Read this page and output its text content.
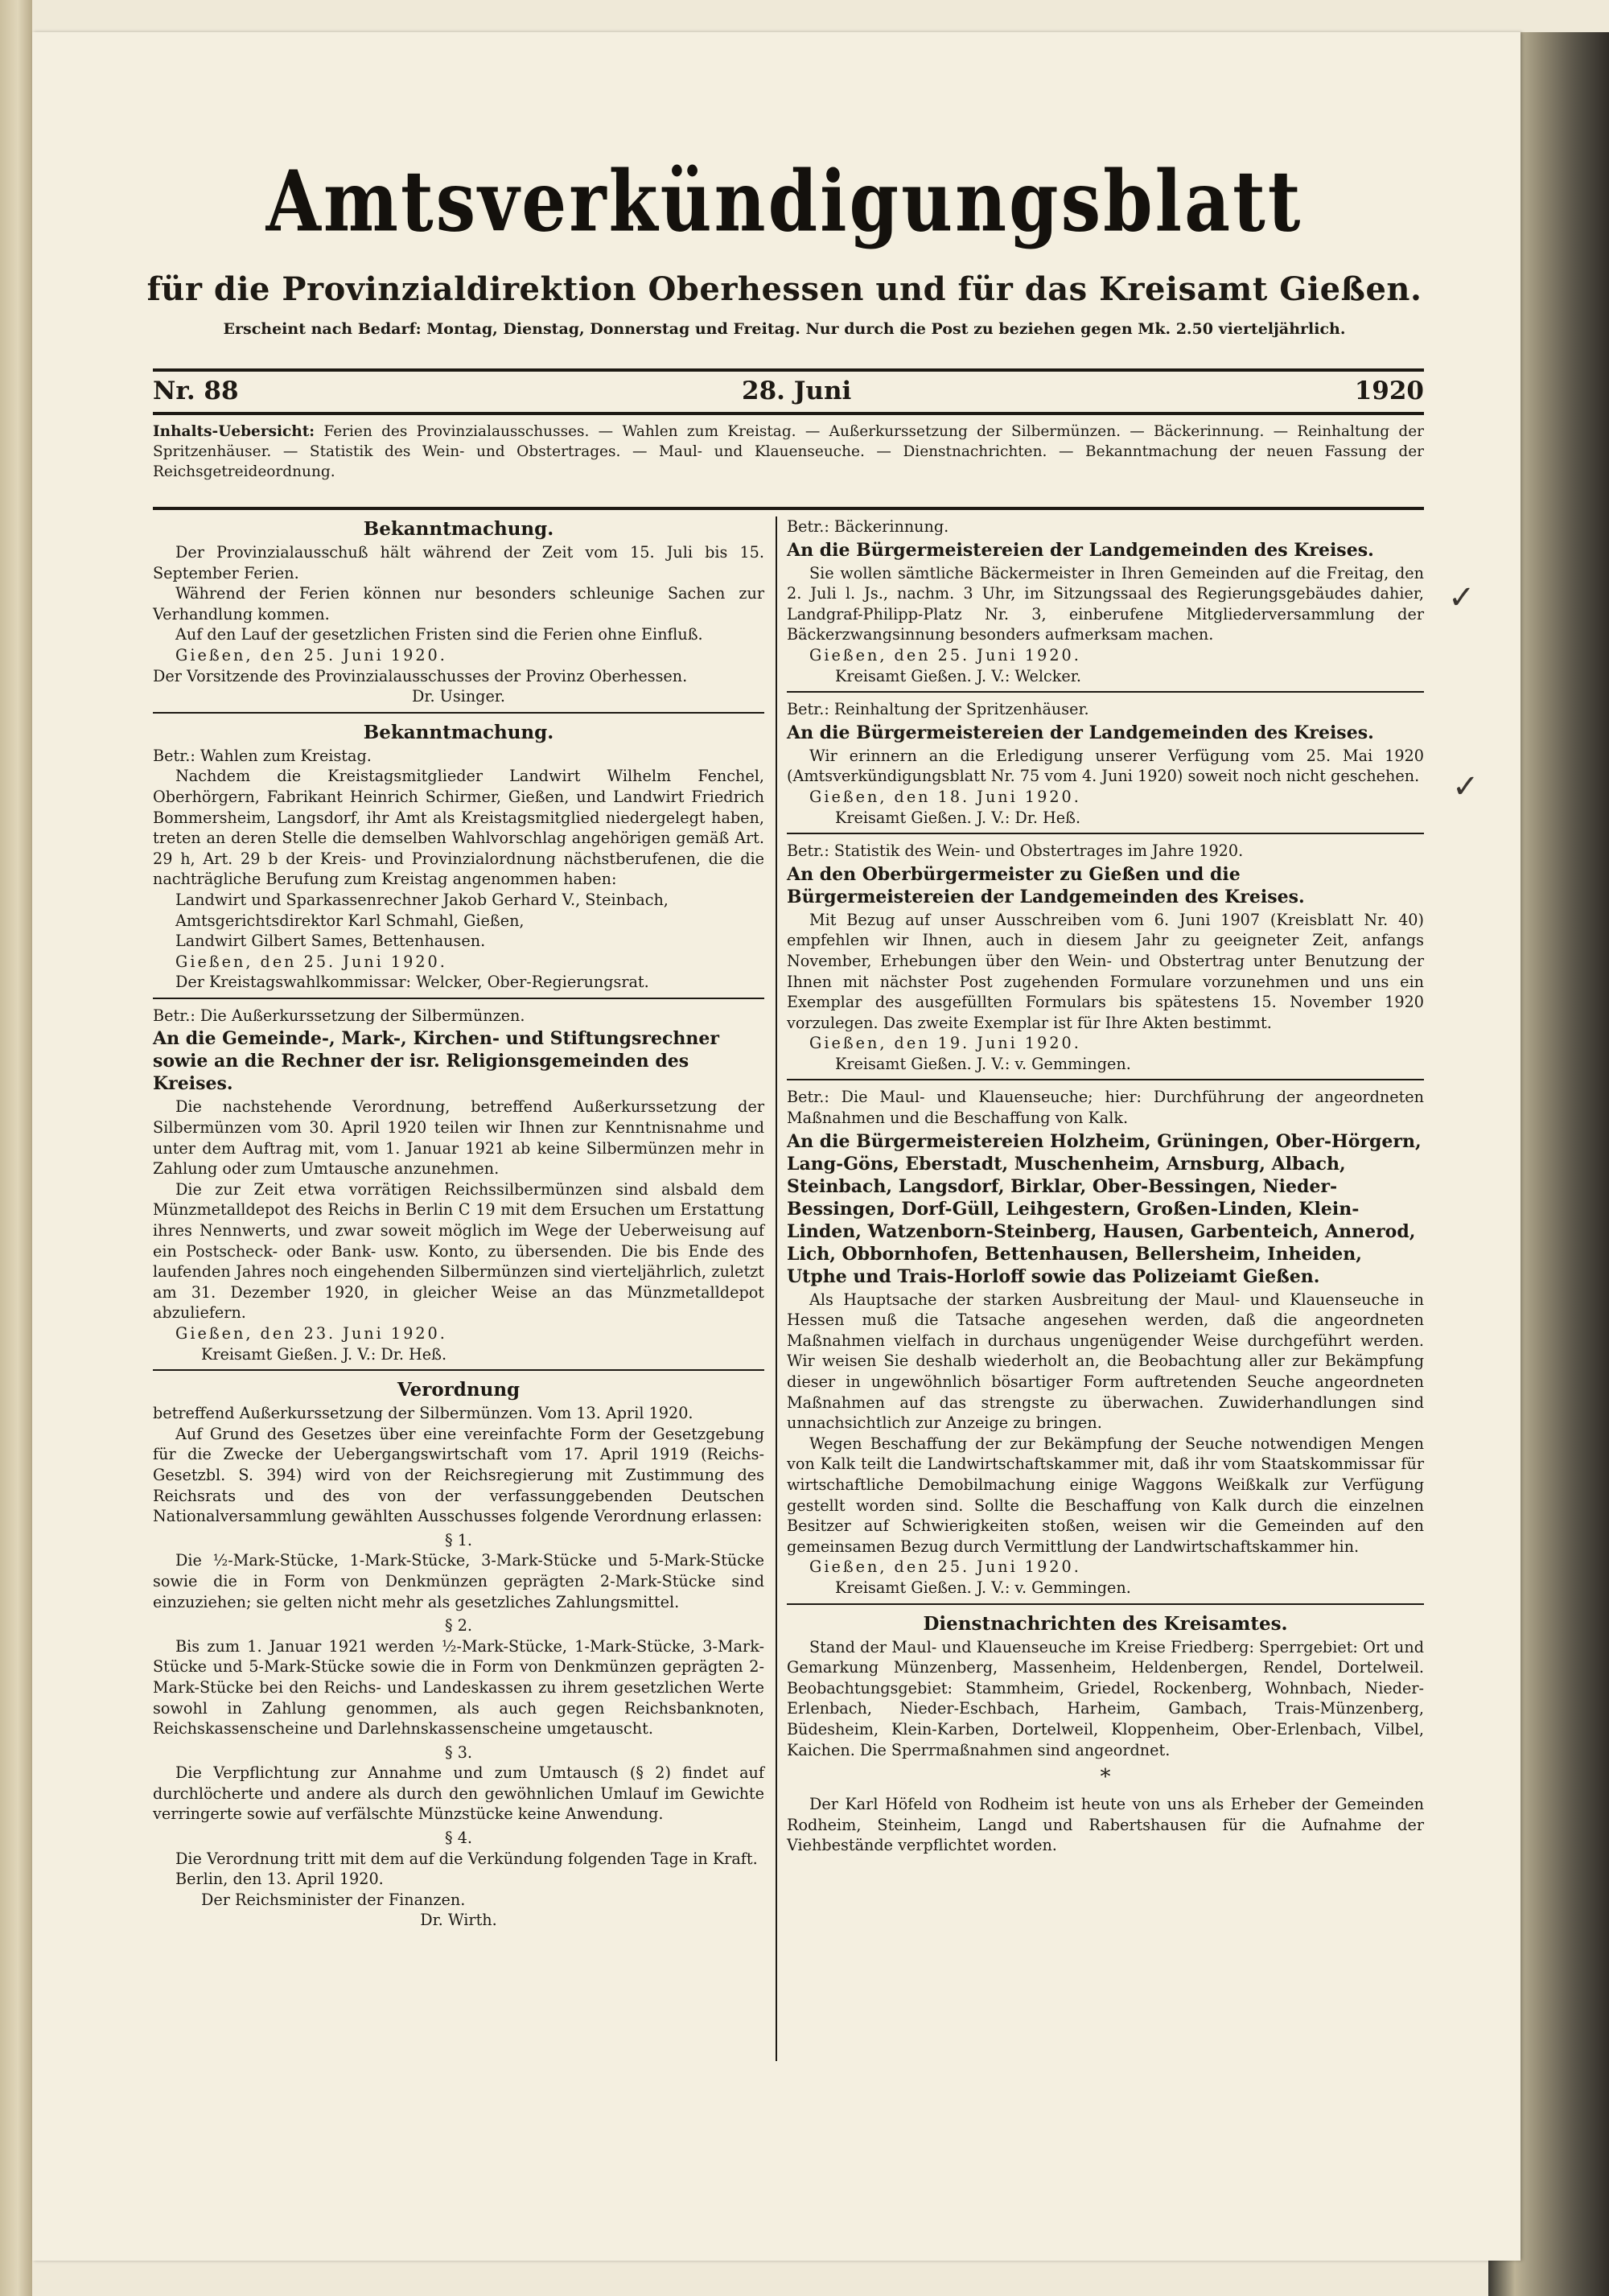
Amtsverkündigungsblatt
für die Provinzialdirektion Oberhessen und für das Kreisamt Gießen.
Erscheint nach Bedarf: Montag, Dienstag, Donnerstag und Freitag. Nur durch die Post zu beziehen gegen Mk. 2.50 vierteljährlich.
Nr. 88	28. Juni	1920
Inhalts-Uebersicht: Ferien des Provinzialausschusses. — Wahlen zum Kreistag. — Außerkurssetzung der Silbermünzen. — Bäckerinnung. — Reinhaltung der Spritzenhäuser. — Statistik des Wein- und Obstertrages. — Maul- und Klauenseuche. — Dienstnachrichten. — Bekanntmachung der neuen Fassung der Reichsgetreideordnung.
Bekanntmachung.

Der Provinzialausschuß hält während der Zeit vom 15. Juli bis 15. September Ferien.

Während der Ferien können nur besonders schleunige Sachen zur Verhandlung kommen.

Auf den Lauf der gesetzlichen Fristen sind die Ferien ohne Einfluß.

Gießen, den 25. Juni 1920.

Der Vorsitzende des Provinzialausschusses der Provinz Oberhessen.

Dr. Usinger.

Bekanntmachung.

Betr.: Wahlen zum Kreistag.

Nachdem die Kreistagsmitglieder Landwirt Wilhelm Fenchel, Oberhörgern, Fabrikant Heinrich Schirmer, Gießen, und Landwirt Friedrich Bommersheim, Langsdorf, ihr Amt als Kreistagsmitglied niedergelegt haben, treten an deren Stelle die demselben Wahlvorschlag angehörigen gemäß Art. 29 h, Art. 29 b der Kreis- und Provinzialordnung nächstberufenen, die die nachträgliche Berufung zum Kreistag angenommen haben:

Landwirt und Sparkassenrechner Jakob Gerhard V., Steinbach,

Amtsgerichtsdirektor Karl Schmahl, Gießen,

Landwirt Gilbert Sames, Bettenhausen.

Gießen, den 25. Juni 1920.

Der Kreistagswahlkommissar: Welcker, Ober-Regierungsrat.

Betr.: Die Außerkurssetzung der Silbermünzen.

An die Gemeinde-, Mark-, Kirchen- und Stiftungsrechner sowie an die Rechner der isr. Religionsgemeinden des Kreises.

Die nachstehende Verordnung, betreffend Außerkurssetzung der Silbermünzen vom 30. April 1920 teilen wir Ihnen zur Kenntnisnahme und unter dem Auftrag mit, vom 1. Januar 1921 ab keine Silbermünzen mehr in Zahlung oder zum Umtausche anzunehmen.

Die zur Zeit etwa vorrätigen Reichssilbermünzen sind alsbald dem Münzmetalldepot des Reichs in Berlin C 19 mit dem Ersuchen um Erstattung ihres Nennwerts, und zwar soweit möglich im Wege der Ueberweisung auf ein Postscheck- oder Bank- usw. Konto, zu übersenden. Die bis Ende des laufenden Jahres noch eingehenden Silbermünzen sind vierteljährlich, zuletzt am 31. Dezember 1920, in gleicher Weise an das Münzmetalldepot abzuliefern.

Gießen, den 23. Juni 1920.

Kreisamt Gießen. J. V.: Dr. Heß.

Verordnung

betreffend Außerkurssetzung der Silbermünzen. Vom 13. April 1920.

Auf Grund des Gesetzes über eine vereinfachte Form der Gesetzgebung für die Zwecke der Uebergangswirtschaft vom 17. April 1919 (Reichs-Gesetzbl. S. 394) wird von der Reichsregierung mit Zustimmung des Reichsrats und des von der verfassunggebenden Deutschen Nationalversammlung gewählten Ausschusses folgende Verordnung erlassen:

§ 1.

Die ½-Mark-Stücke, 1-Mark-Stücke, 3-Mark-Stücke und 5-Mark-Stücke sowie die in Form von Denkmünzen geprägten 2-Mark-Stücke sind einzuziehen; sie gelten nicht mehr als gesetzliches Zahlungsmittel.

§ 2.

Bis zum 1. Januar 1921 werden ½-Mark-Stücke, 1-Mark-Stücke, 3-Mark-Stücke und 5-Mark-Stücke sowie die in Form von Denkmünzen geprägten 2-Mark-Stücke bei den Reichs- und Landeskassen zu ihrem gesetzlichen Werte sowohl in Zahlung genommen, als auch gegen Reichsbanknoten, Reichskassenscheine und Darlehnskassenscheine umgetauscht.

§ 3.

Die Verpflichtung zur Annahme und zum Umtausch (§ 2) findet auf durchlöcherte und andere als durch den gewöhnlichen Umlauf im Gewichte verringerte sowie auf verfälschte Münzstücke keine Anwendung.

§ 4.

Die Verordnung tritt mit dem auf die Verkündung folgenden Tage in Kraft.

Berlin, den 13. April 1920.

Der Reichsminister der Finanzen.

Dr. Wirth.

Betr.: Bäckerinnung.

An die Bürgermeistereien der Landgemeinden des Kreises.

Sie wollen sämtliche Bäckermeister in Ihren Gemeinden auf die Freitag, den 2. Juli l. Js., nachm. 3 Uhr, im Sitzungssaal des Regierungsgebäudes dahier, Landgraf-Philipp-Platz Nr. 3, einberufene Mitgliederversammlung der Bäckerzwangsinnung besonders aufmerksam machen.

Gießen, den 25. Juni 1920.

Kreisamt Gießen. J. V.: Welcker.

Betr.: Reinhaltung der Spritzenhäuser.

An die Bürgermeistereien der Landgemeinden des Kreises.

Wir erinnern an die Erledigung unserer Verfügung vom 25. Mai 1920 (Amtsverkündigungsblatt Nr. 75 vom 4. Juni 1920) soweit noch nicht geschehen.

Gießen, den 18. Juni 1920.

Kreisamt Gießen. J. V.: Dr. Heß.

Betr.: Statistik des Wein- und Obstertrages im Jahre 1920.

An den Oberbürgermeister zu Gießen und die Bürgermeistereien der Landgemeinden des Kreises.

Mit Bezug auf unser Ausschreiben vom 6. Juni 1907 (Kreisblatt Nr. 40) empfehlen wir Ihnen, auch in diesem Jahr zu geeigneter Zeit, anfangs November, Erhebungen über den Wein- und Obstertrag unter Benutzung der Ihnen mit nächster Post zugehenden Formulare vorzunehmen und uns ein Exemplar des ausgefüllten Formulars bis spätestens 15. November 1920 vorzulegen. Das zweite Exemplar ist für Ihre Akten bestimmt.

Gießen, den 19. Juni 1920.

Kreisamt Gießen. J. V.: v. Gemmingen.

Betr.: Die Maul- und Klauenseuche; hier: Durchführung der angeordneten Maßnahmen und die Beschaffung von Kalk.

An die Bürgermeistereien Holzheim, Grüningen, Ober-Hörgern, Lang-Göns, Eberstadt, Muschenheim, Arnsburg, Albach, Steinbach, Langsdorf, Birklar, Ober-Bessingen, Nieder-Bessingen, Dorf-Güll, Leihgestern, Großen-Linden, Klein-Linden, Watzenborn-Steinberg, Hausen, Garbenteich, Annerod, Lich, Obbornhofen, Bettenhausen, Bellersheim, Inheiden, Utphe und Trais-Horloff sowie das Polizeiamt Gießen.

Als Hauptsache der starken Ausbreitung der Maul- und Klauenseuche in Hessen muß die Tatsache angesehen werden, daß die angeordneten Maßnahmen vielfach in durchaus ungenügender Weise durchgeführt werden. Wir weisen Sie deshalb wiederholt an, die Beobachtung aller zur Bekämpfung dieser in ungewöhnlich bösartiger Form auftretenden Seuche angeordneten Maßnahmen auf das strengste zu überwachen. Zuwiderhandlungen sind unnachsichtlich zur Anzeige zu bringen.

Wegen Beschaffung der zur Bekämpfung der Seuche notwendigen Mengen von Kalk teilt die Landwirtschaftskammer mit, daß ihr vom Staatskommissar für wirtschaftliche Demobilmachung einige Waggons Weißkalk zur Verfügung gestellt worden sind. Sollte die Beschaffung von Kalk durch die einzelnen Besitzer auf Schwierigkeiten stoßen, weisen wir die Gemeinden auf den gemeinsamen Bezug durch Vermittlung der Landwirtschaftskammer hin.

Gießen, den 25. Juni 1920.

Kreisamt Gießen. J. V.: v. Gemmingen.

Dienstnachrichten des Kreisamtes.

Stand der Maul- und Klauenseuche im Kreise Friedberg: Sperrgebiet: Ort und Gemarkung Münzenberg, Massenheim, Heldenbergen, Rendel, Dortelweil. Beobachtungsgebiet: Stammheim, Griedel, Rockenberg, Wohnbach, Nieder-Erlenbach, Nieder-Eschbach, Harheim, Gambach, Trais-Münzenberg, Büdesheim, Klein-Karben, Dortelweil, Kloppenheim, Ober-Erlenbach, Vilbel, Kaichen. Die Sperrmaßnahmen sind angeordnet.

*

Der Karl Höfeld von Rodheim ist heute von uns als Erheber der Gemeinden Rodheim, Steinheim, Langd und Rabertshausen für die Aufnahme der Viehbestände verpflichtet worden.

✓
✓
